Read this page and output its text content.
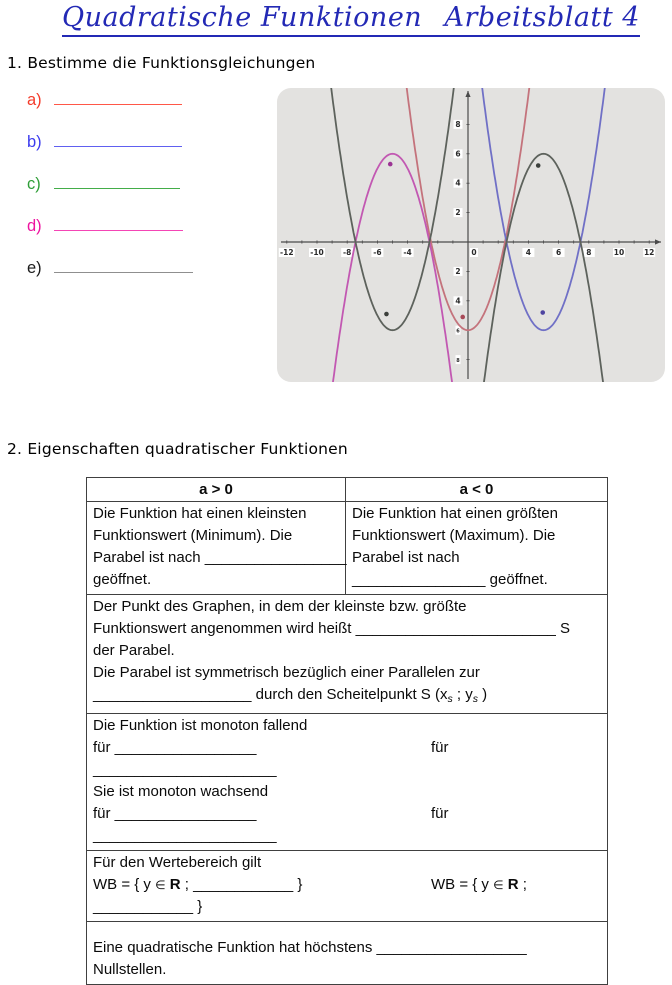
Quadratische Funktionen Arbeitsblatt 4
1. Bestimme die Funktionsgleichungen
a)
b)
c)
d)
e)
-12 -10	-8	-6	-4	4	6	8	10	12
0
8
6
4
2
2
4
6
8
2. Eigenschaften quadratischer Funktionen
a > 0	a < 0
Die Funktion hat einen kleinsten
Funktionswert (Minimum). Die
Parabel ist nach _________________
geöffnet.
Die Funktion hat einen größten
Funktionswert (Maximum). Die
Parabel ist nach
________________ geöffnet.
Der Punkt des Graphen, in dem der kleinste bzw. größte
Funktionswert angenommen wird heißt ________________________ S
der Parabel.
Die Parabel ist symmetrisch bezüglich einer Parallelen zur
___________________ durch den Scheitelpunkt S ($x_s$ ; $y_s$ )
Die Funktion ist monoton fallend
für _________________	für
______________________
Sie ist monoton wachsend
für _________________	für
______________________
Für den Wertebereich gilt
WB = { y ∈ R ; ____________ }	WB = { y ∈ R ;
____________ }
Eine quadratische Funktion hat höchstens __________________
Nullstellen.
